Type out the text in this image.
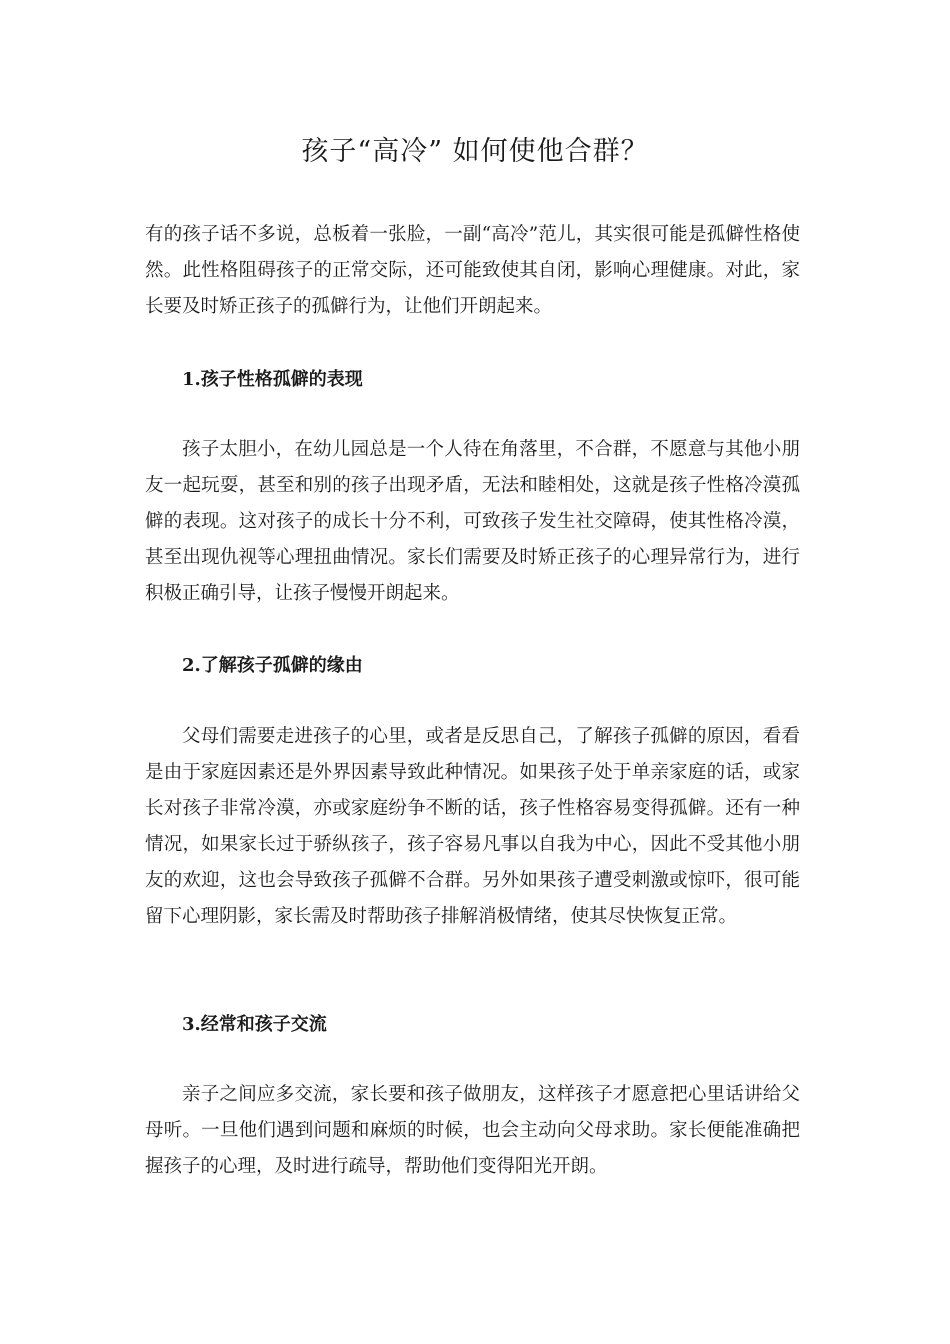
孩子“高冷” 如何使他合群？

有的孩子话不多说，总板着一张脸，一副“高冷”范儿，其实很可能是孤僻性格使然。此性格阻碍孩子的正常交际，还可能致使其自闭，影响心理健康。对此，家长要及时矫正孩子的孤僻行为，让他们开朗起来。

1.孩子性格孤僻的表现

孩子太胆小，在幼儿园总是一个人待在角落里，不合群，不愿意与其他小朋友一起玩耍，甚至和别的孩子出现矛盾，无法和睦相处，这就是孩子性格冷漠孤僻的表现。这对孩子的成长十分不利，可致孩子发生社交障碍，使其性格冷漠，甚至出现仇视等心理扭曲情况。家长们需要及时矫正孩子的心理异常行为，进行积极正确引导，让孩子慢慢开朗起来。

2.了解孩子孤僻的缘由

父母们需要走进孩子的心里，或者是反思自己，了解孩子孤僻的原因，看看是由于家庭因素还是外界因素导致此种情况。如果孩子处于单亲家庭的话，或家长对孩子非常冷漠，亦或家庭纷争不断的话，孩子性格容易变得孤僻。还有一种情况，如果家长过于骄纵孩子，孩子容易凡事以自我为中心，因此不受其他小朋友的欢迎，这也会导致孩子孤僻不合群。另外如果孩子遭受刺激或惊吓，很可能留下心理阴影，家长需及时帮助孩子排解消极情绪，使其尽快恢复正常。

3.经常和孩子交流

亲子之间应多交流，家长要和孩子做朋友，这样孩子才愿意把心里话讲给父母听。一旦他们遇到问题和麻烦的时候，也会主动向父母求助。家长便能准确把握孩子的心理，及时进行疏导，帮助他们变得阳光开朗。
